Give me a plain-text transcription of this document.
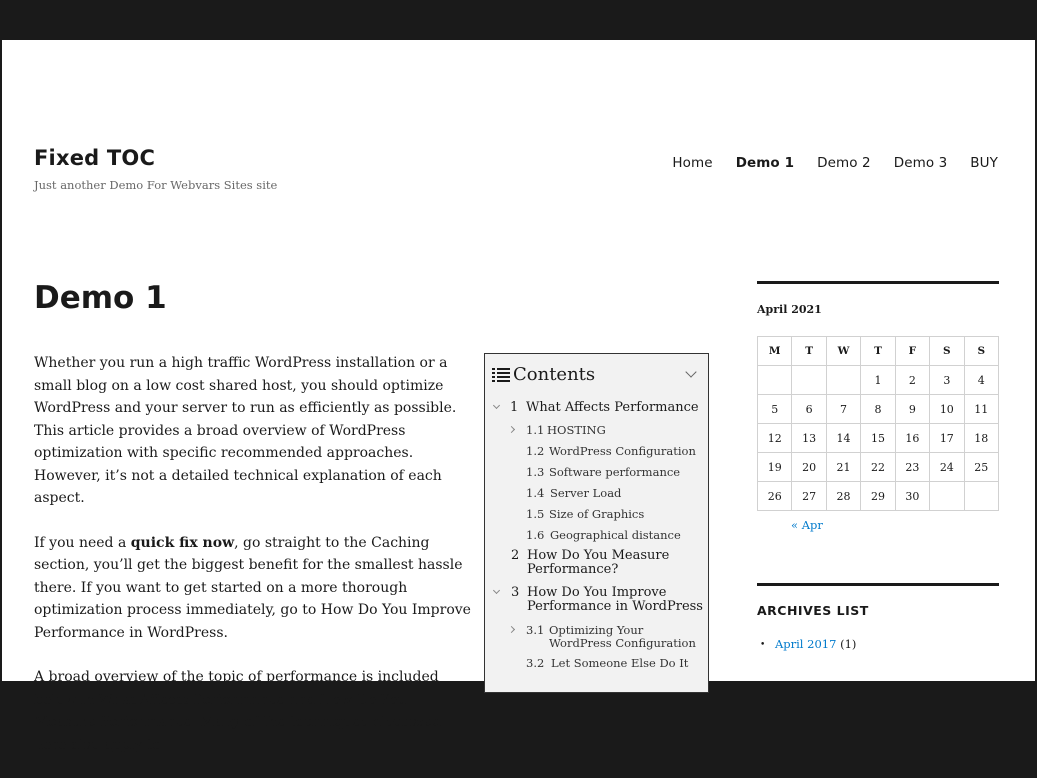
Fixed TOC
Just another Demo For Webvars Sites site
Home Demo 1 Demo 2 Demo 3 BUY
Demo 1

Whether you run a high traffic WordPress installation or a small blog on a low cost shared host, you should optimize WordPress and your server to run as efficiently as possible. This article provides a broad overview of WordPress optimization with specific recommended approaches. However, it’s not a detailed technical explanation of each aspect.

If you need a quick fix now, go straight to the Caching section, you’ll get the biggest benefit for the smallest hassle there. If you want to get started on a more thorough optimization process immediately, go to How Do You Improve Performance in WordPress.

A broad overview of the topic of performance is included below in What Affects Performance and How Do You Measure Performance. Many of the techniques discussed here also apply to

Contents
1 What Affects Performance
1.1 HOSTING
1.2 WordPress Configuration
1.3 Software performance
1.4 Server Load
1.5 Size of Graphics
1.6 Geographical distance
2 How Do You Measure
Performance?
3 How Do You Improve
Performance in WordPress
3.1 Optimizing Your
WordPress Configuration
3.2 Let Someone Else Do It
April 2021
M	T	W	T	F	S	S
			1	2	3	4
5	6	7	8	9	10	11
12	13	14	15	16	17	18
19	20	21	22	23	24	25
26	27	28	29	30		
« Apr
ARCHIVES LIST
• April 2017 (1)
